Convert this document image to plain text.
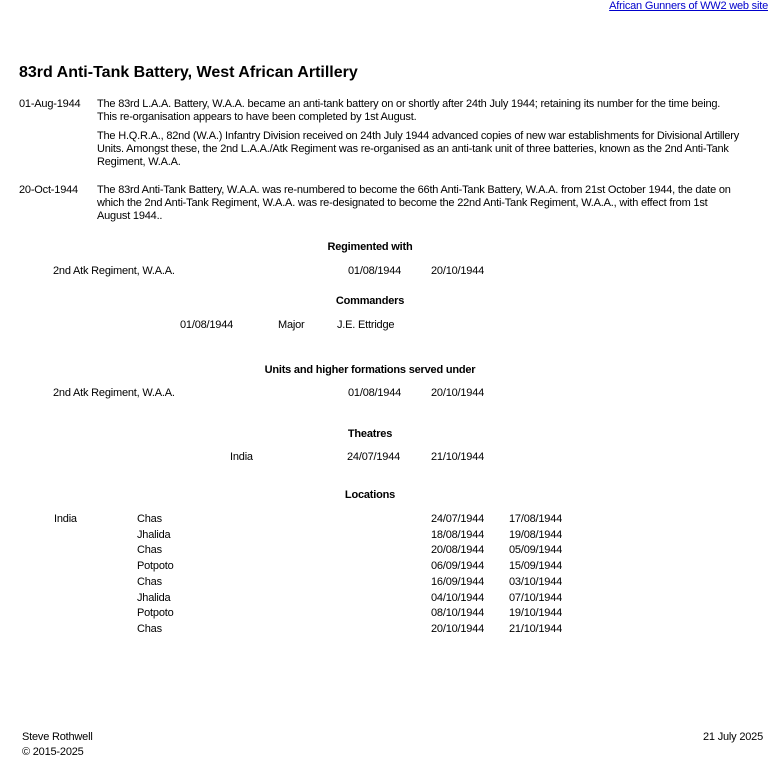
African Gunners of WW2 web site
83rd Anti-Tank Battery, West African Artillery
01-Aug-1944 The 83rd L.A.A. Battery, W.A.A. became an anti-tank battery on or shortly after 24th July 1944; retaining its number for the time being. This re-organisation appears to have been completed by 1st August.
The H.Q.R.A., 82nd (W.A.) Infantry Division received on 24th July 1944 advanced copies of new war establishments for Divisional Artillery Units. Amongst these, the 2nd L.A.A./Atk Regiment was re-organised as an anti-tank unit of three batteries, known as the 2nd Anti-Tank Regiment, W.A.A.
20-Oct-1944 The 83rd Anti-Tank Battery, W.A.A. was re-numbered to become the 66th Anti-Tank Battery, W.A.A. from 21st October 1944, the date on which the 2nd Anti-Tank Regiment, W.A.A. was re-designated to become the 22nd Anti-Tank Regiment, W.A.A., with effect from 1st August 1944..
Regimented with
2nd Atk Regiment, W.A.A.	01/08/1944	20/10/1944
Commanders
01/08/1944	Major	J.E. Ettridge
Units and higher formations served under
2nd Atk Regiment, W.A.A.	01/08/1944	20/10/1944
Theatres
India	24/07/1944	21/10/1944
Locations
India	Chas	24/07/1944 17/08/1944
Jhalida	18/08/1944 19/08/1944
Chas	20/08/1944 05/09/1944
Potpoto	06/09/1944 15/09/1944
Chas	16/09/1944 03/10/1944
Jhalida	04/10/1944 07/10/1944
Potpoto	08/10/1944 19/10/1944
Chas	20/10/1944 21/10/1944
Steve Rothwell
© 2015-2025
21 July 2025
